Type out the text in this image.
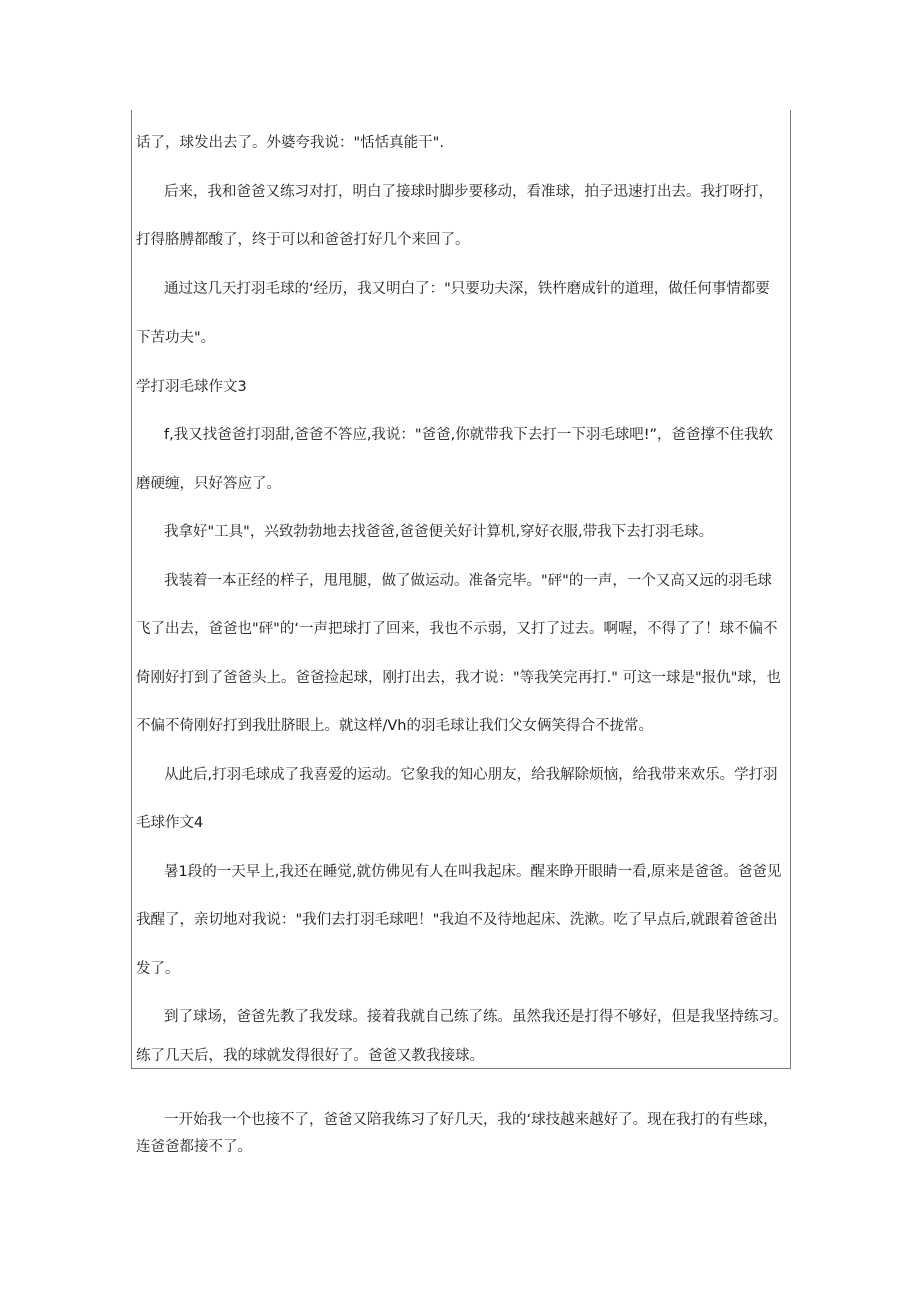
话了，球发出去了。外婆夸我说："恬恬真能干".
后来，我和爸爸又练习对打，明白了接球时脚步要移动，看准球，拍子迅速打出去。我打呀打，
打得胳膊都酸了，终于可以和爸爸打好几个来回了。
通过这几天打羽毛球的‘经历，我又明白了："只要功夫深，铁杵磨成针的道理，做任何事情都要
下苦功夫"。
学打羽毛球作文3
f,我又找爸爸打羽甜,爸爸不答应,我说："爸爸,你就带我下去打一下羽毛球吧!”，爸爸撑不住我软
磨硬缠，只好答应了。
我拿好"工具"，兴致勃勃地去找爸爸,爸爸便关好计算机,穿好衣服,带我下去打羽毛球。
我装着一本正经的样子，甩甩腿，做了做运动。准备完毕。"砰"的一声，一个又高又远的羽毛球
飞了出去，爸爸也"砰"的‘一声把球打了回来，我也不示弱，又打了过去。啊喔，不得了了！球不偏不
倚刚好打到了爸爸头上。爸爸捡起球，刚打出去，我才说："等我笑完再打." 可这一球是"报仇"球，也
不偏不倚刚好打到我肚脐眼上。就这样/Vh的羽毛球让我们父女俩笑得合不拢常。
从此后,打羽毛球成了我喜爱的运动。它象我的知心朋友，给我解除烦恼，给我带来欢乐。学打羽
毛球作文4
暑1段的一天早上,我还在睡觉,就仿佛见有人在叫我起床。醒来睁开眼睛一看,原来是爸爸。爸爸见
我醒了，亲切地对我说："我们去打羽毛球吧！"我迫不及待地起床、洗漱。吃了早点后,就跟着爸爸出
发了。
到了球场，爸爸先教了我发球。接着我就自己练了练。虽然我还是打得不够好，但是我坚持练习。
练了几天后，我的球就发得很好了。爸爸又教我接球。
一开始我一个也接不了，爸爸又陪我练习了好几天，我的‘球技越来越好了。现在我打的有些球，
连爸爸都接不了。
